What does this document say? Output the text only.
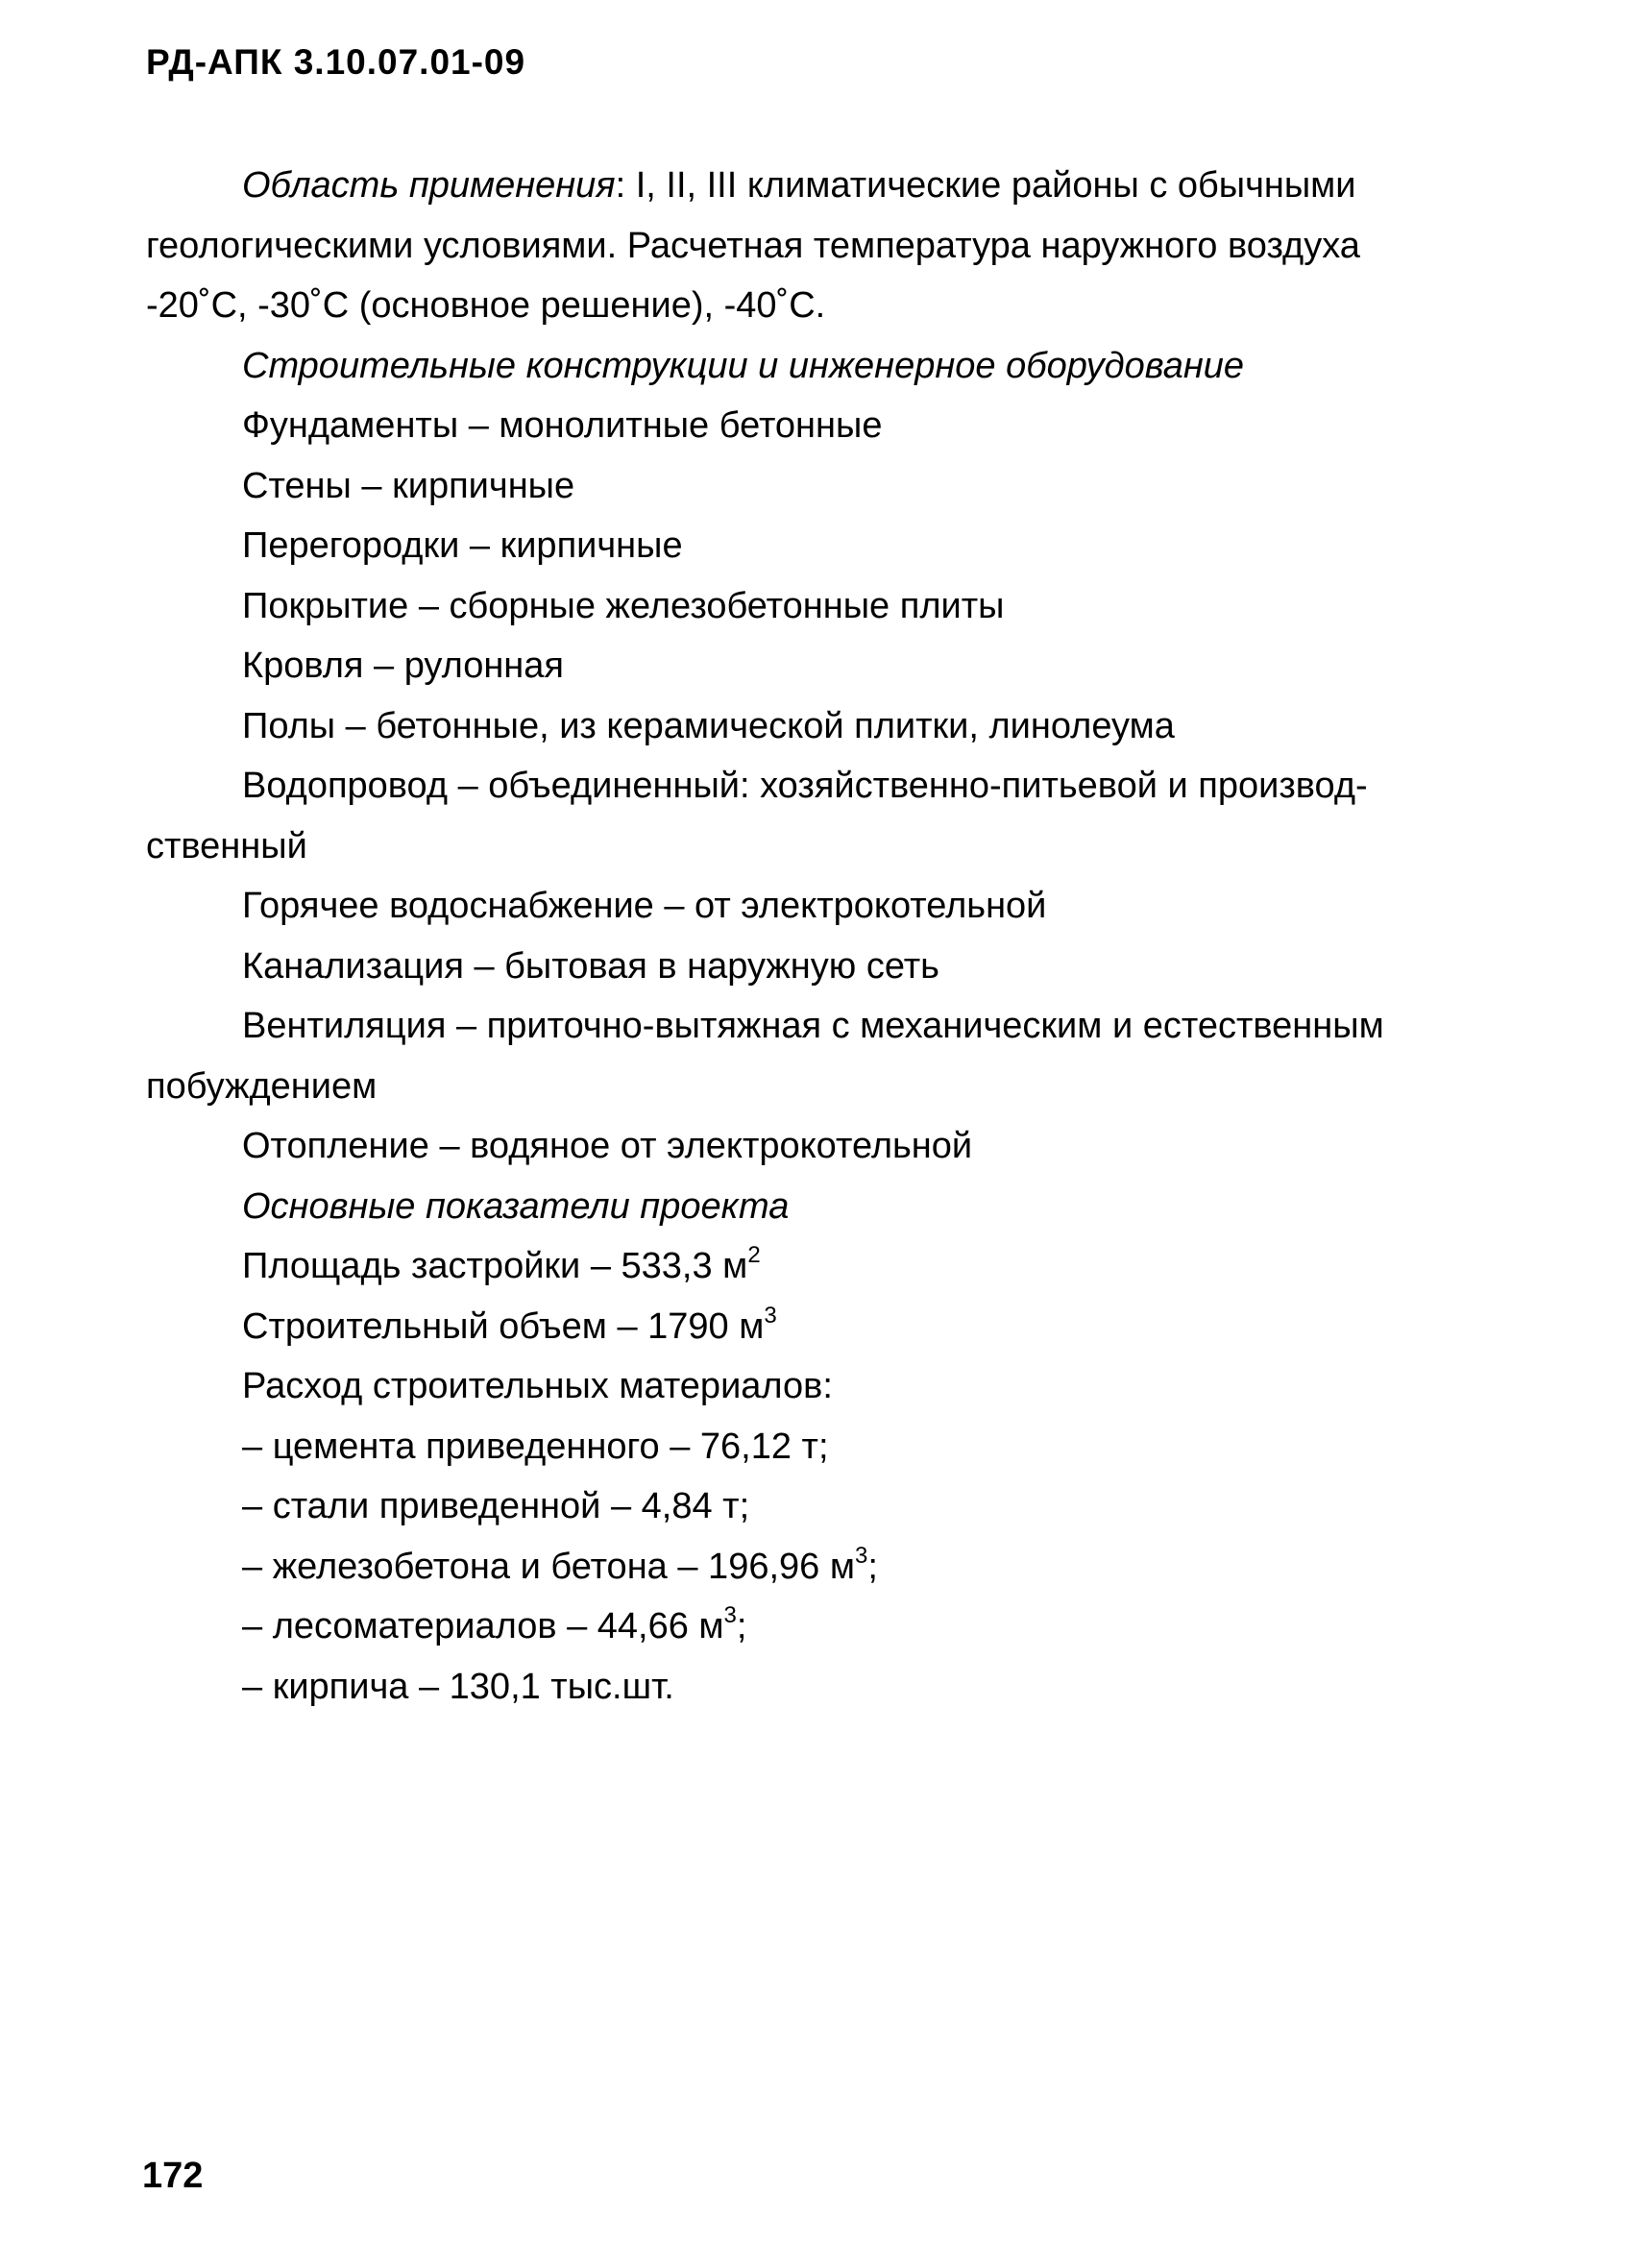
РД-АПК 3.10.07.01-09

Область применения: I, II, III климатические районы с обычными

геологическими условиями. Расчетная температура наружного воздуха

-20˚С, -30˚С (основное решение), -40˚С.

Строительные конструкции и инженерное оборудование

Фундаменты – монолитные бетонные

Стены – кирпичные

Перегородки – кирпичные

Покрытие – сборные железобетонные плиты

Кровля – рулонная

Полы – бетонные, из керамической плитки, линолеума

Водопровод – объединенный: хозяйственно-питьевой и производ-

ственный

Горячее водоснабжение – от электрокотельной

Канализация – бытовая в наружную сеть

Вентиляция – приточно-вытяжная с механическим и естественным

побуждением

Отопление – водяное от электрокотельной

Основные показатели проекта

Площадь застройки – 533,3 $м^2$

Строительный объем – 1790 $м^3$

Расход строительных материалов:

– цемента приведенного – 76,12 т;

– стали приведенной – 4,84 т;

– железобетона и бетона – 196,96 $м^3$;

– лесоматериалов – 44,66 $м^3$;

– кирпича – 130,1 тыс.шт.

172
